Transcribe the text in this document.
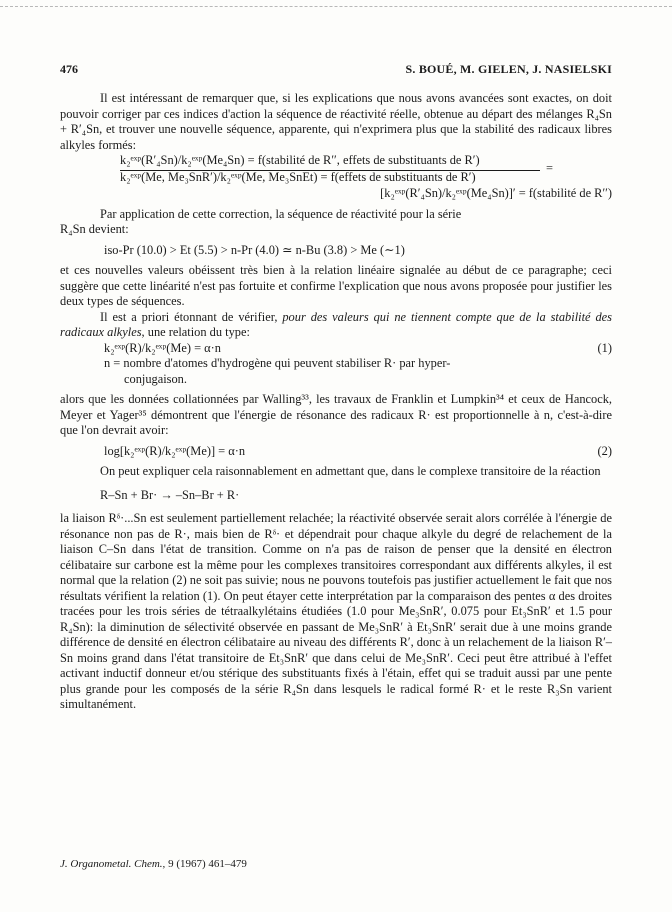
476	S. BOUÉ, M. GIELEN, J. NASIELSKI

Il est intéressant de remarquer que, si les explications que nous avons avancées sont exactes, on doit pouvoir corriger par ces indices d'action la séquence de réactivité réelle, obtenue au départ des mélanges R₄Sn + R′₄Sn, et trouver une nouvelle séquence, apparente, qui n'exprimera plus que la stabilité des radicaux libres alkyles formés:

k₂ᵉˣᵖ(R′₄Sn)/k₂ᵉˣᵖ(Me₄Sn) = f(stabilité de R′′, effets de substituants de R′)
k₂ᵉˣᵖ(Me, Me₃SnR′)/k₂ᵉˣᵖ(Me, Me₃SnEt) = f(effets de substituants de R′)
=
[k₂ᵉˣᵖ(R′₄Sn)/k₂ᵉˣᵖ(Me₄Sn)]′ = f(stabilité de R′′)
Par application de cette correction, la séquence de réactivité pour la série
R₄Sn devient:
iso-Pr (10.0) > Et (5.5) > n-Pr (4.0) ≃ n-Bu (3.8) > Me (∼1)

et ces nouvelles valeurs obéissent très bien à la relation linéaire signalée au début de ce paragraphe; ceci suggère que cette linéarité n'est pas fortuite et confirme l'explication que nous avons proposée pour justifier les deux types de séquences.

Il est a priori étonnant de vérifier, pour des valeurs qui ne tiennent compte que de la stabilité des radicaux alkyles, une relation du type:

k₂ᵉˣᵖ(R)/k₂ᵉˣᵖ(Me) = α·n	(1)
n = nombre d'atomes d'hydrogène qui peuvent stabiliser R· par hyper-
conjugaison.

alors que les données collationnées par Walling³³, les travaux de Franklin et Lumpkin³⁴ et ceux de Hancock, Meyer et Yager³⁵ démontrent que l'énergie de résonance des radicaux R· est proportionnelle à n, c'est-à-dire que l'on devrait avoir:

log[k₂ᵉˣᵖ(R)/k₂ᵉˣᵖ(Me)] = α·n	(2)

On peut expliquer cela raisonnablement en admettant que, dans le complexe transitoire de la réaction

R–Sn + Br· → –Sn–Br + R·

la liaison Rᵟ·...Sn est seulement partiellement relachée; la réactivité observée serait alors corrélée à l'énergie de résonance non pas de R·, mais bien de Rᵟ· et dépendrait pour chaque alkyle du degré de relachement de la liaison C–Sn dans l'état de transition. Comme on n'a pas de raison de penser que la densité en électron célibataire sur carbone est la même pour les complexes transitoires correspondant aux différents alkyles, il est normal que la relation (2) ne soit pas suivie; nous ne pouvons toutefois pas justifier actuellement le fait que nos résultats vérifient la relation (1). On peut étayer cette interprétation par la comparaison des pentes α des droites tracées pour les trois séries de tétraalkylétains étudiées (1.0 pour Me₃SnR′, 0.075 pour Et₃SnR′ et 1.5 pour R₄Sn): la diminution de sélectivité observée en passant de Me₃SnR′ à Et₃SnR′ serait due à une moins grande différence de densité en électron célibataire au niveau des différents R′, donc à un relachement de la liaison R′–Sn moins grand dans l'état transitoire de Et₃SnR′ que dans celui de Me₃SnR′. Ceci peut être attribué à l'effet activant inductif donneur et/ou stérique des substituants fixés à l'étain, effet qui se traduit aussi par une pente plus grande pour les composés de la série R₄Sn dans lesquels le radical formé R· et le reste R₃Sn varient simultanément.

J. Organometal. Chem., 9 (1967) 461–479
